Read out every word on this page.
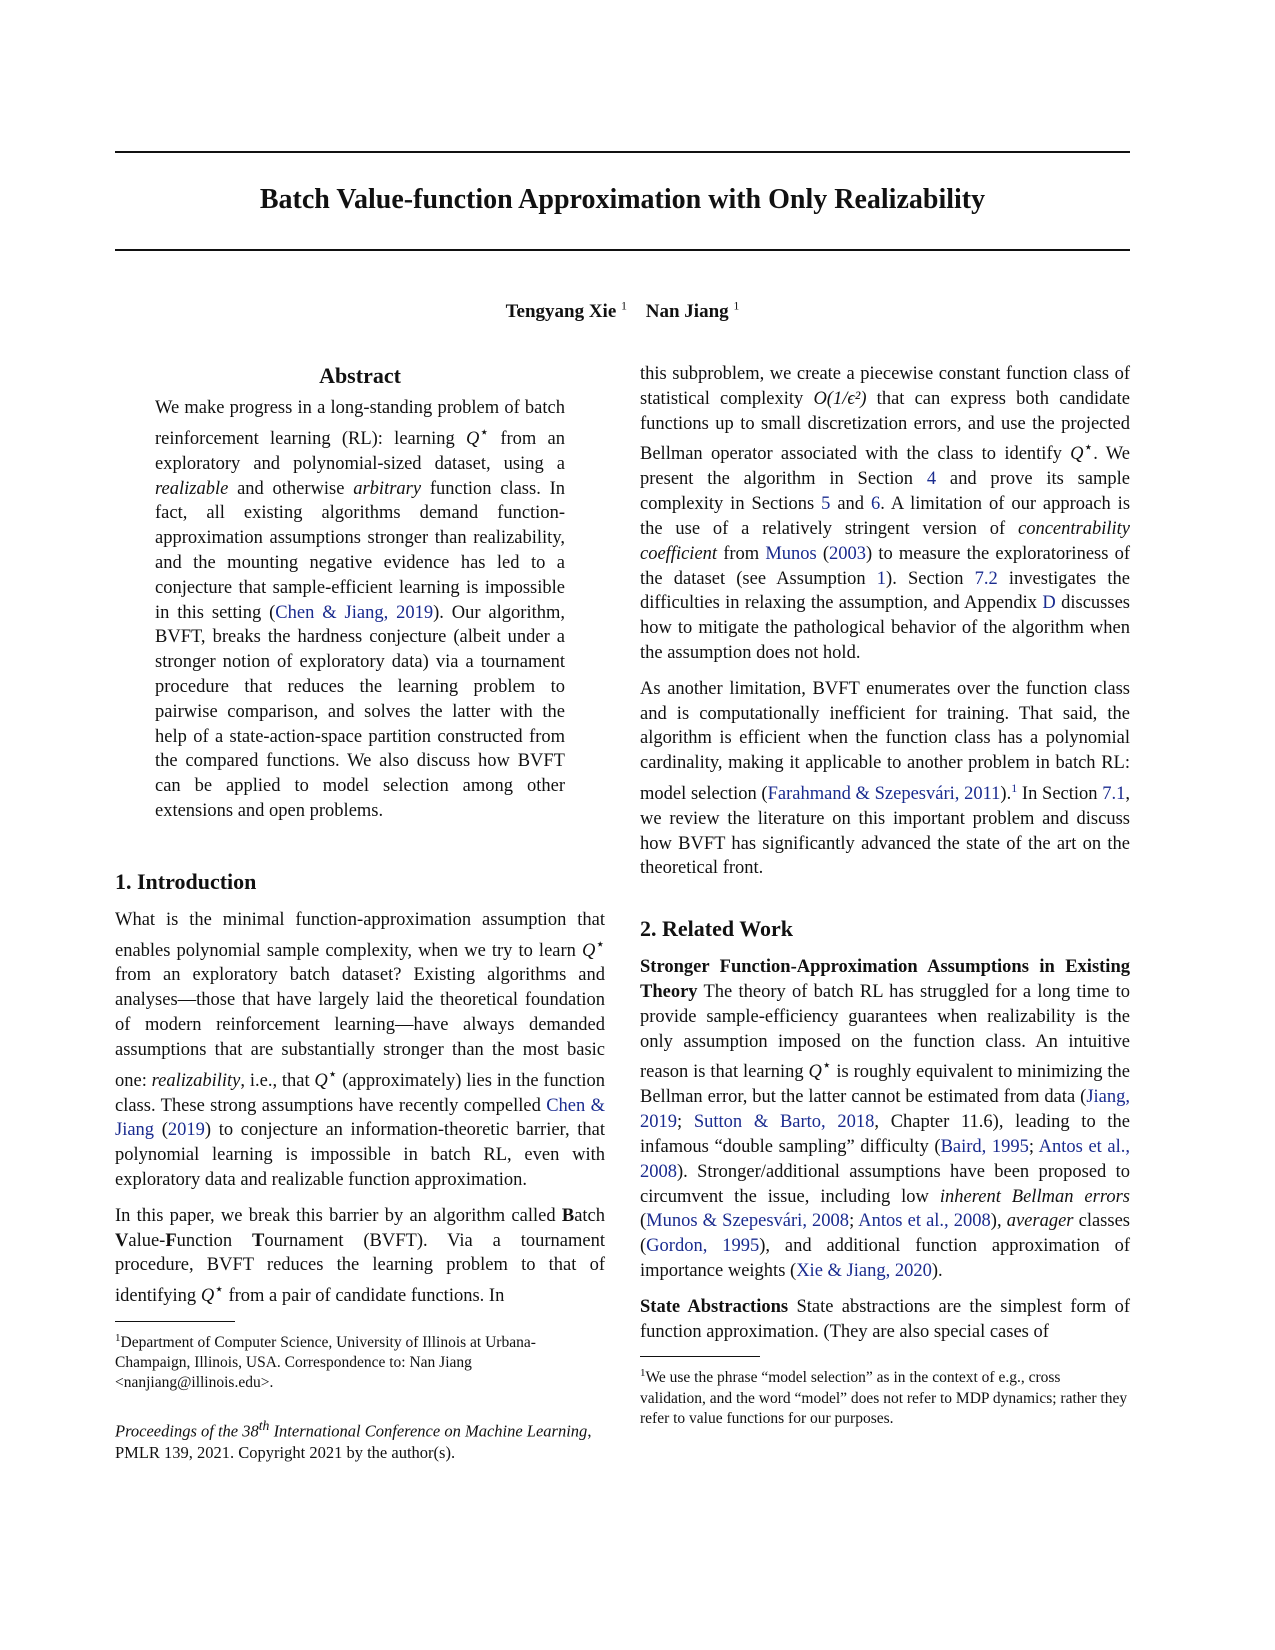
Batch Value-function Approximation with Only Realizability
Tengyang Xie $^1$ Nan Jiang $^1$
Abstract

We make progress in a long-standing problem of batch reinforcement learning (RL): learning Q⋆ from an exploratory and polynomial-sized dataset, using a realizable and otherwise arbitrary function class. In fact, all existing algorithms demand function-approximation assumptions stronger than realizability, and the mounting negative evidence has led to a conjecture that sample-efficient learning is impossible in this setting (Chen & Jiang, 2019). Our algorithm, BVFT, breaks the hardness conjecture (albeit under a stronger notion of exploratory data) via a tournament procedure that reduces the learning problem to pairwise comparison, and solves the latter with the help of a state-action-space partition constructed from the compared functions. We also discuss how BVFT can be applied to model selection among other extensions and open problems.

1. Introduction

What is the minimal function-approximation assumption that enables polynomial sample complexity, when we try to learn Q⋆ from an exploratory batch dataset? Existing algorithms and analyses—those that have largely laid the theoretical foundation of modern reinforcement learning—have always demanded assumptions that are substantially stronger than the most basic one: realizability, i.e., that Q⋆ (approximately) lies in the function class. These strong assumptions have recently compelled Chen & Jiang (2019) to conjecture an information-theoretic barrier, that polynomial learning is impossible in batch RL, even with exploratory data and realizable function approximation.

In this paper, we break this barrier by an algorithm called Batch Value-Function Tournament (BVFT). Via a tournament procedure, BVFT reduces the learning problem to that of identifying Q⋆ from a pair of candidate functions. In

$^1$Department of Computer Science, University of Illinois at Urbana-Champaign, Illinois, USA. Correspondence to: Nan Jiang <nanjiang@illinois.edu>.

Proceedings of the 38th International Conference on Machine Learning, PMLR 139, 2021. Copyright 2021 by the author(s).

this subproblem, we create a piecewise constant function class of statistical complexity O(1/ϵ²) that can express both candidate functions up to small discretization errors, and use the projected Bellman operator associated with the class to identify Q⋆. We present the algorithm in Section 4 and prove its sample complexity in Sections 5 and 6. A limitation of our approach is the use of a relatively stringent version of concentrability coefficient from Munos (2003) to measure the exploratoriness of the dataset (see Assumption 1). Section 7.2 investigates the difficulties in relaxing the assumption, and Appendix D discusses how to mitigate the pathological behavior of the algorithm when the assumption does not hold.

As another limitation, BVFT enumerates over the function class and is computationally inefficient for training. That said, the algorithm is efficient when the function class has a polynomial cardinality, making it applicable to another problem in batch RL: model selection (Farahmand & Szepesvári, 2011).$^1$ In Section 7.1, we review the literature on this important problem and discuss how BVFT has significantly advanced the state of the art on the theoretical front.

2. Related Work

Stronger Function-Approximation Assumptions in Existing Theory The theory of batch RL has struggled for a long time to provide sample-efficiency guarantees when realizability is the only assumption imposed on the function class. An intuitive reason is that learning Q⋆ is roughly equivalent to minimizing the Bellman error, but the latter cannot be estimated from data (Jiang, 2019; Sutton & Barto, 2018, Chapter 11.6), leading to the infamous “double sampling” difficulty (Baird, 1995; Antos et al., 2008). Stronger/additional assumptions have been proposed to circumvent the issue, including low inherent Bellman errors (Munos & Szepesvári, 2008; Antos et al., 2008), averager classes (Gordon, 1995), and additional function approximation of importance weights (Xie & Jiang, 2020).

State Abstractions State abstractions are the simplest form of function approximation. (They are also special cases of

$^1$We use the phrase “model selection” as in the context of e.g., cross validation, and the word “model” does not refer to MDP dynamics; rather they refer to value functions for our purposes.
